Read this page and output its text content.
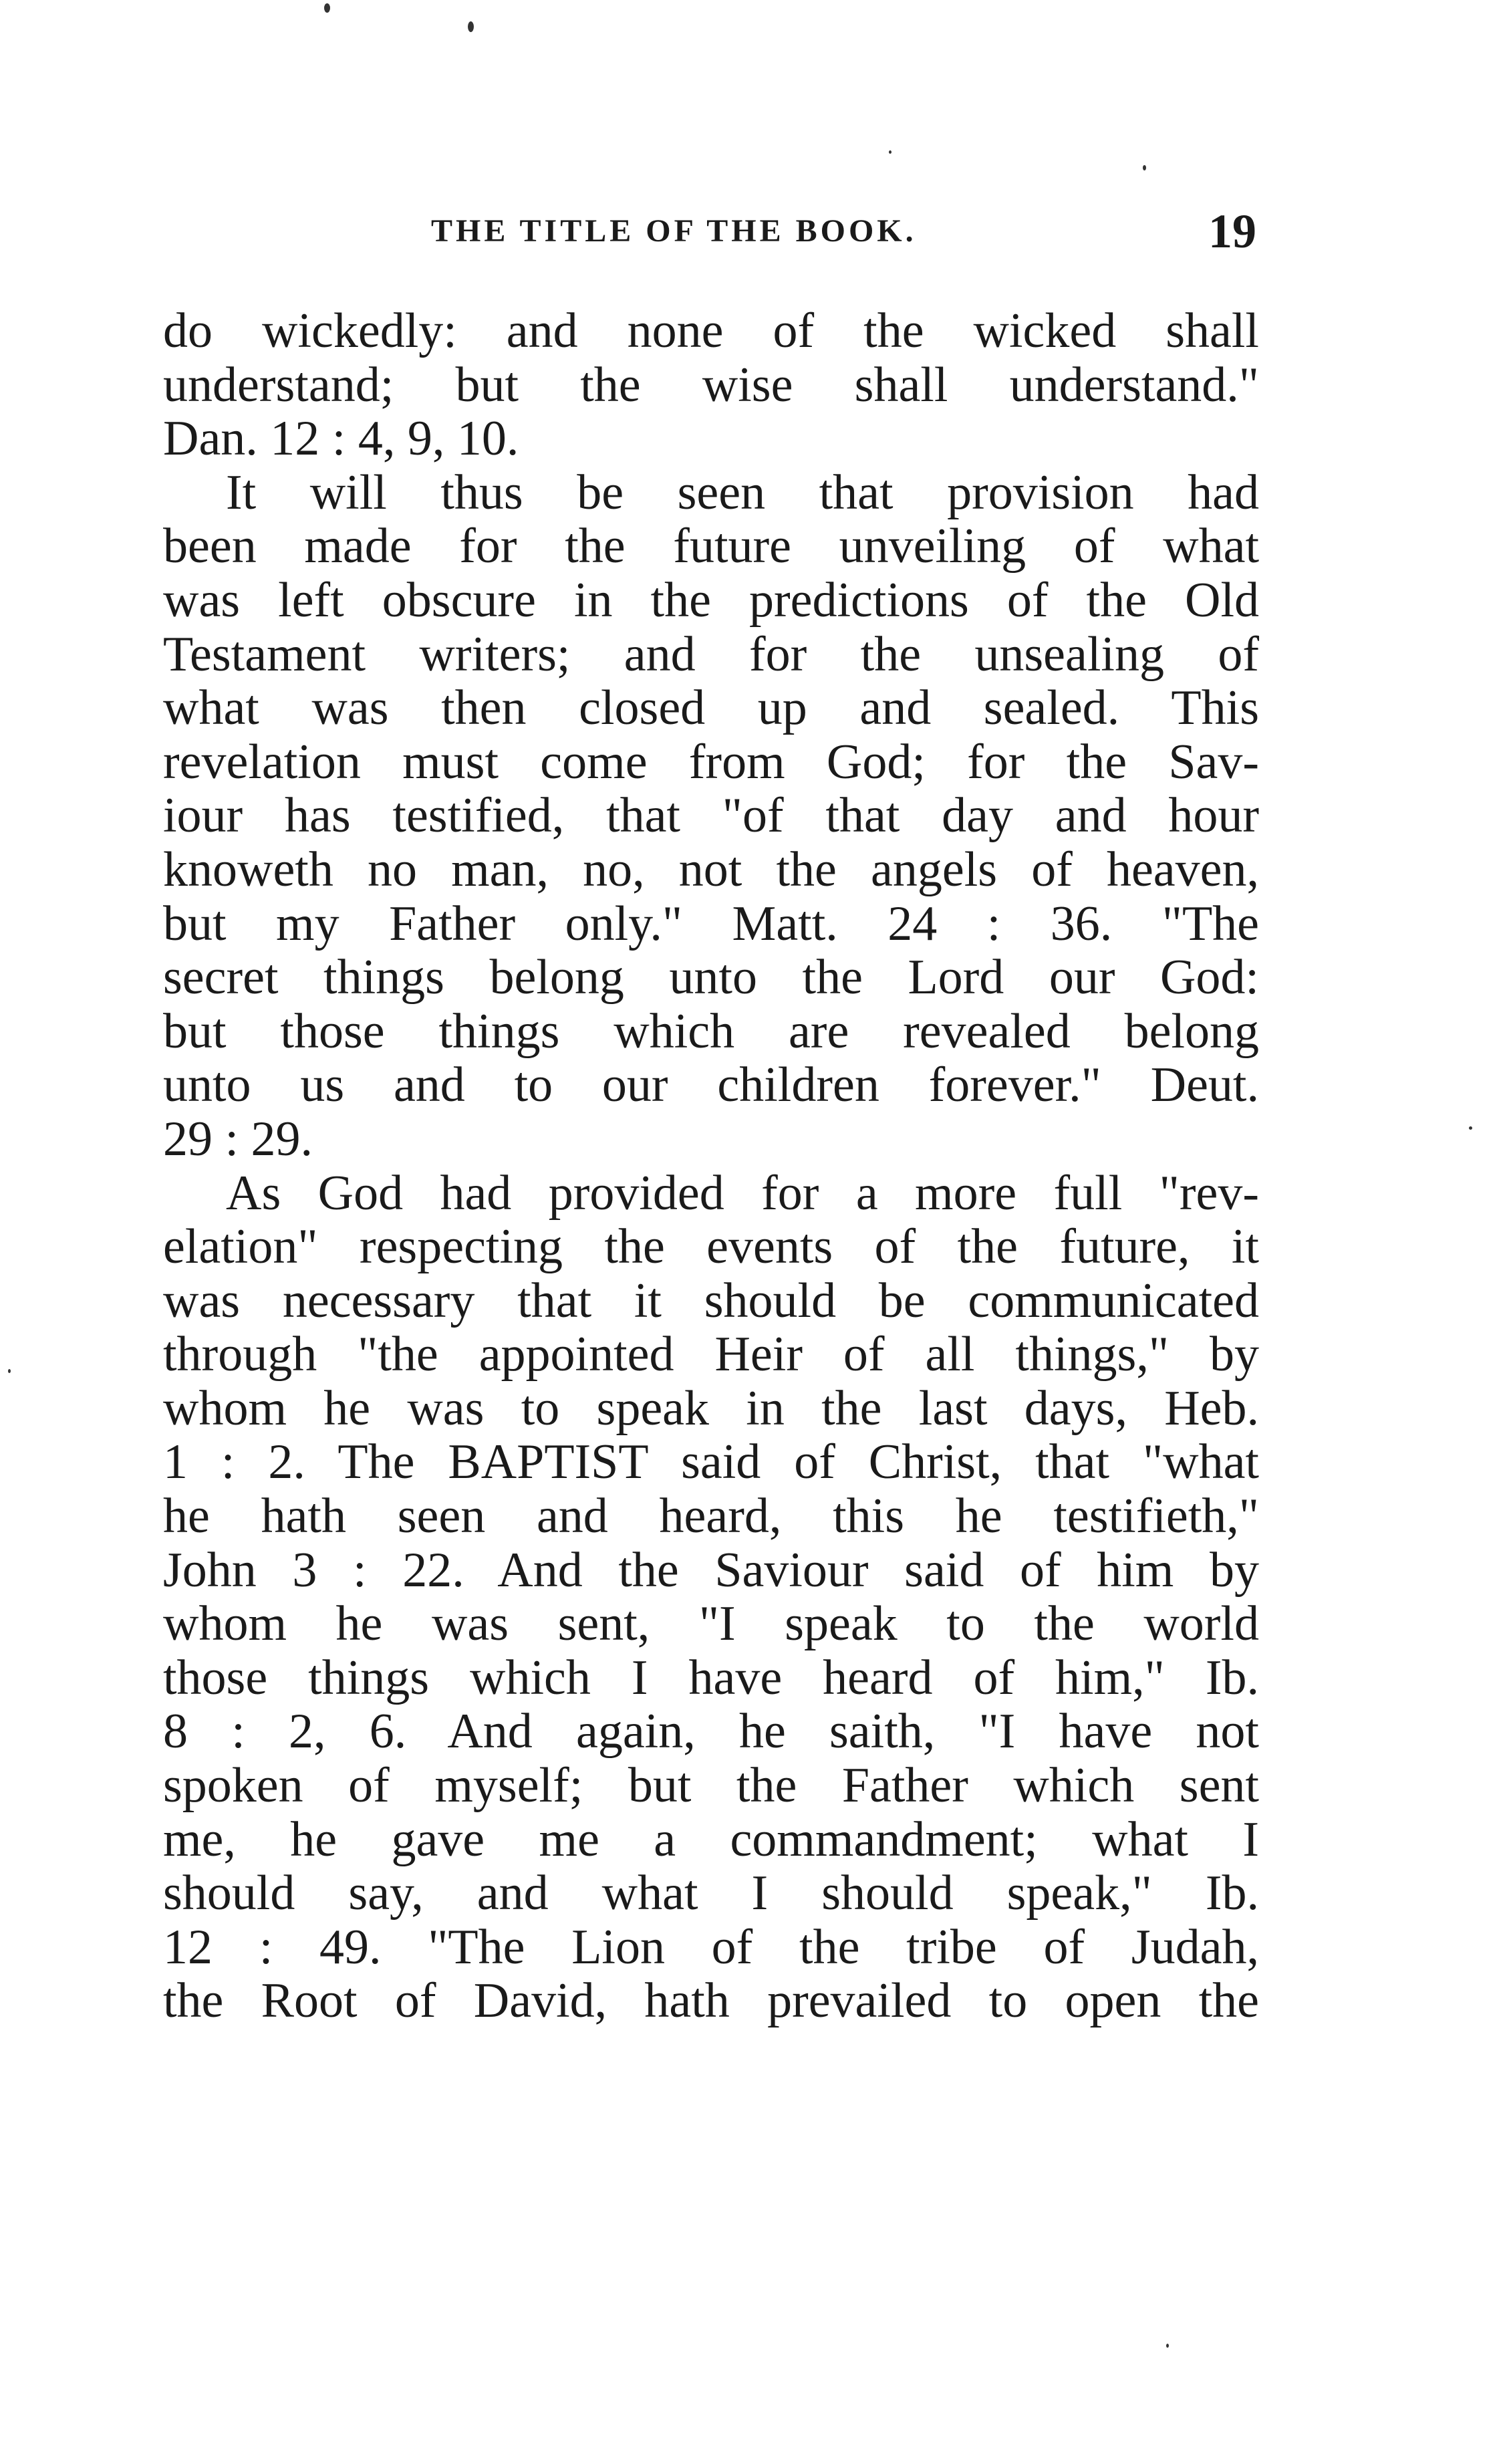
THE TITLE OF THE BOOK.	19
do wickedly: and none of the wicked shall
understand; but the wise shall understand."
Dan. 12 : 4, 9, 10.
It will thus be seen that provision had
been made for the future unveiling of what
was left obscure in the predictions of the Old
Testament writers; and for the unsealing of
what was then closed up and sealed. This
revelation must come from God; for the Sav-
iour has testified, that "of that day and hour
knoweth no man, no, not the angels of heaven,
but my Father only." Matt. 24 : 36. "The
secret things belong unto the Lord our God:
but those things which are revealed belong
unto us and to our children forever." Deut.
29 : 29.
As God had provided for a more full "rev-
elation" respecting the events of the future, it
was necessary that it should be communicated
through "the appointed Heir of all things," by
whom he was to speak in the last days, Heb.
1 : 2. The BAPTIST said of Christ, that "what
he hath seen and heard, this he testifieth,"
John 3 : 22. And the Saviour said of him by
whom he was sent, "I speak to the world
those things which I have heard of him," Ib.
8 : 2, 6. And again, he saith, "I have not
spoken of myself; but the Father which sent
me, he gave me a commandment; what I
should say, and what I should speak," Ib.
12 : 49. "The Lion of the tribe of Judah,
the Root of David, hath prevailed to open the
